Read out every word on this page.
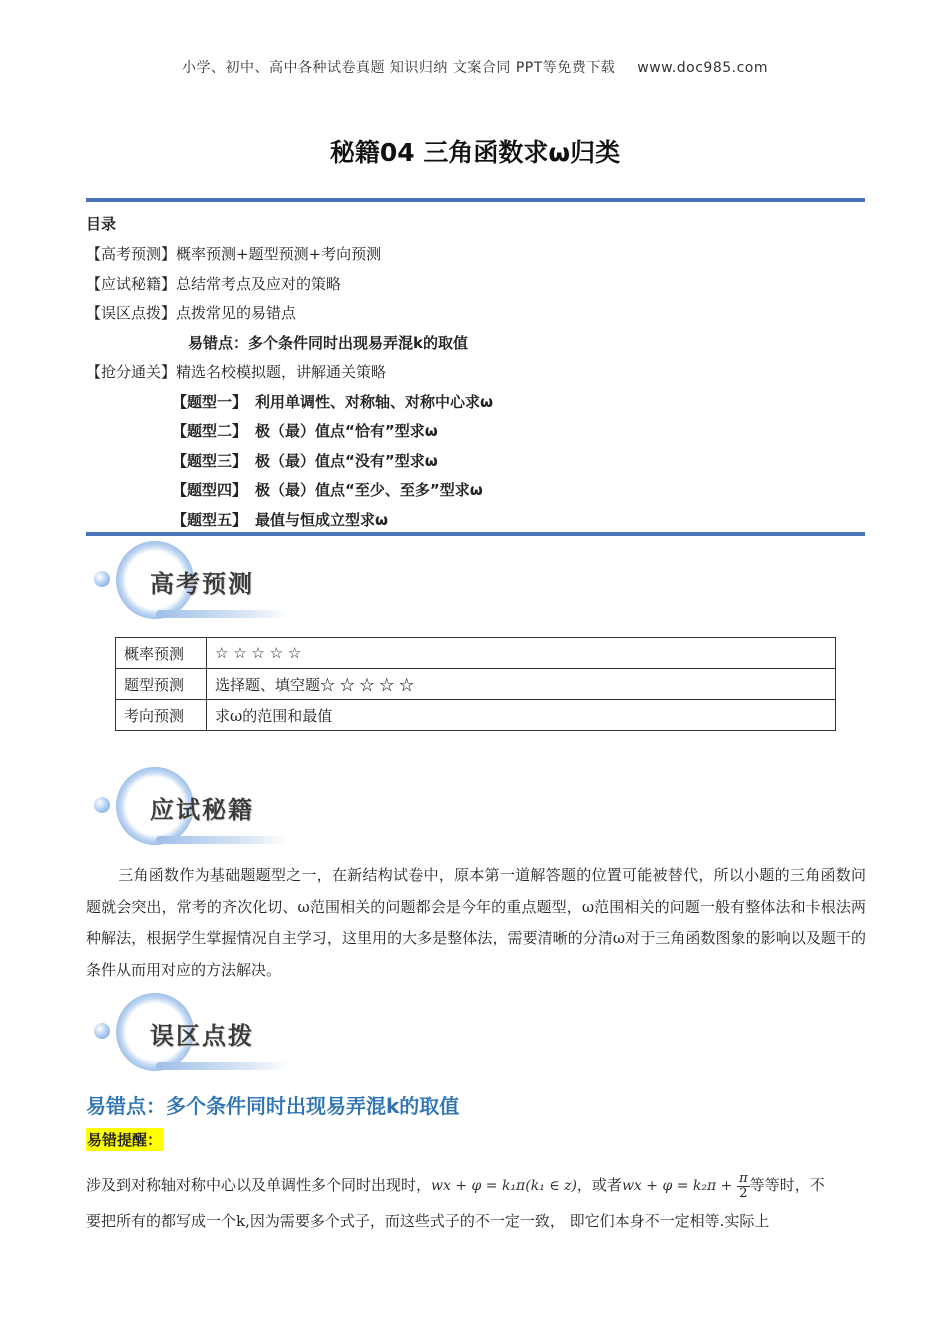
小学、初中、高中各种试卷真题 知识归纳 文案合同 PPT等免费下载 www.doc985.com
秘籍04 三角函数求ω归类
目录
【高考预测】概率预测+题型预测+考向预测
【应试秘籍】总结常考点及应对的策略
【误区点拨】点拨常见的易错点
易错点：多个条件同时出现易弄混k的取值
【抢分通关】精选名校模拟题，讲解通关策略
【题型一】 利用单调性、对称轴、对称中心求ω
【题型二】 极（最）值点“恰有”型求ω
【题型三】 极（最）值点“没有”型求ω
【题型四】 极（最）值点“至少、至多”型求ω
【题型五】 最值与恒成立型求ω
高考预测
概率预测	☆ ☆ ☆ ☆ ☆
题型预测	选择题、填空题☆ ☆ ☆ ☆ ☆
考向预测	求ω的范围和最值
应试秘籍
三角函数作为基础题题型之一，在新结构试卷中，原本第一道解答题的位置可能被替代，所以小题的三角函数问题就会突出，常考的齐次化切、ω范围相关的问题都会是今年的重点题型，ω范围相关的问题一般有整体法和卡根法两种解法，根据学生掌握情况自主学习，这里用的大多是整体法，需要清晰的分清ω对于三角函数图象的影响以及题干的条件从而用对应的方法解决。
误区点拨
易错点：多个条件同时出现易弄混k的取值
易错提醒：
涉及到对称轴对称中心以及单调性多个同时出现时，wx + φ = k₁π(k₁ ∈ z)，或者wx + $\varphi = k_2\pi + \frac{\pi}{2}$ 等等时，不
要把所有的都写成一个k,因为需要多个式子，而这些式子的不一定一致， 即它们本身不一定相等.实际上
